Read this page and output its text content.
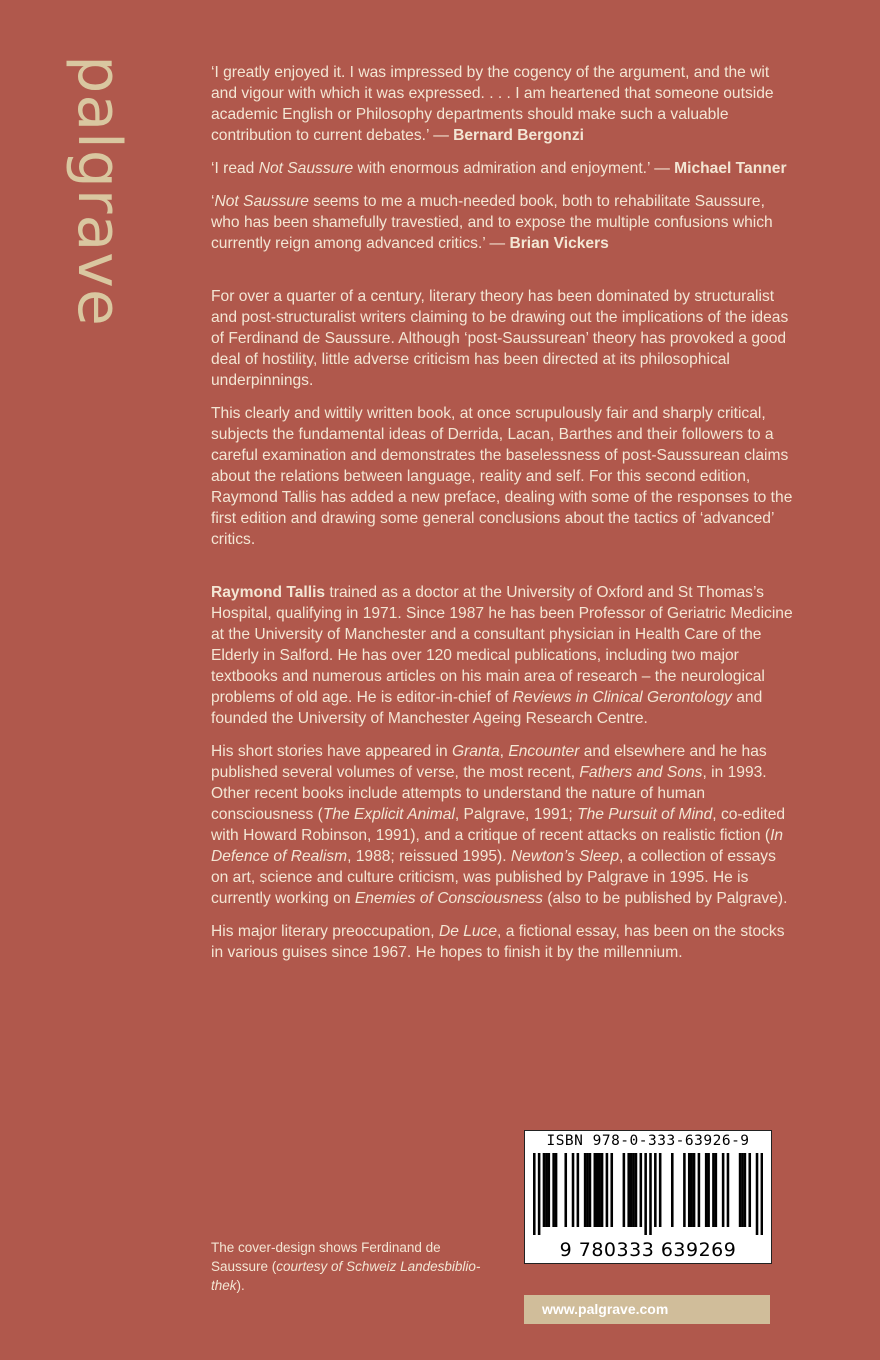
palgrave	‘I greatly enjoyed it. I was impressed by the cogency of the argument, and the wit and vigour with which it was expressed. . . . I am heartened that someone outside academic English or Philosophy departments should make such a valuable contribution to current debates.’ — Bernard Bergonzi

‘I read Not Saussure with enormous admiration and enjoyment.’ — Michael Tanner

‘Not Saussure seems to me a much-needed book, both to rehabilitate Saussure, who has been shamefully travestied, and to expose the multiple confusions which currently reign among advanced critics.’ — Brian Vickers

For over a quarter of a century, literary theory has been dominated by structuralist and post-structuralist writers claiming to be drawing out the implications of the ideas of Ferdinand de Saussure. Although ‘post-Saussurean’ theory has provoked a good deal of hostility, little adverse criticism has been directed at its philosophical underpinnings.

This clearly and wittily written book, at once scrupulously fair and sharply critical, subjects the fundamental ideas of Derrida, Lacan, Barthes and their followers to a careful examination and demonstrates the baselessness of post-Saussurean claims about the relations between language, reality and self. For this second edition, Raymond Tallis has added a new preface, dealing with some of the responses to the first edition and drawing some general conclusions about the tactics of ‘advanced’ critics.

Raymond Tallis trained as a doctor at the University of Oxford and St Thomas’s Hospital, qualifying in 1971. Since 1987 he has been Professor of Geriatric Medicine at the University of Manchester and a consultant physician in Health Care of the Elderly in Salford. He has over 120 medical publications, including two major textbooks and numerous articles on his main area of research – the neurological problems of old age. He is editor-in-chief of Reviews in Clinical Gerontology and founded the University of Manchester Ageing Research Centre.

His short stories have appeared in Granta, Encounter and elsewhere and he has published several volumes of verse, the most recent, Fathers and Sons, in 1993. Other recent books include attempts to understand the nature of human consciousness (The Explicit Animal, Palgrave, 1991; The Pursuit of Mind, co-edited with Howard Robinson, 1991), and a critique of recent attacks on realistic fiction (In Defence of Realism, 1988; reissued 1995). Newton’s Sleep, a collection of essays on art, science and culture criticism, was published by Palgrave in 1995. He is currently working on Enemies of Consciousness (also to be published by Palgrave).

His major literary preoccupation, De Luce, a fictional essay, has been on the stocks in various guises since 1967. He hopes to finish it by the millennium.

The cover-design shows Ferdinand de Saussure (courtesy of Schweiz Landesbiblio-thek).
ISBN 978-0-333-63926-9
9 780333 639269
www.palgrave.com
